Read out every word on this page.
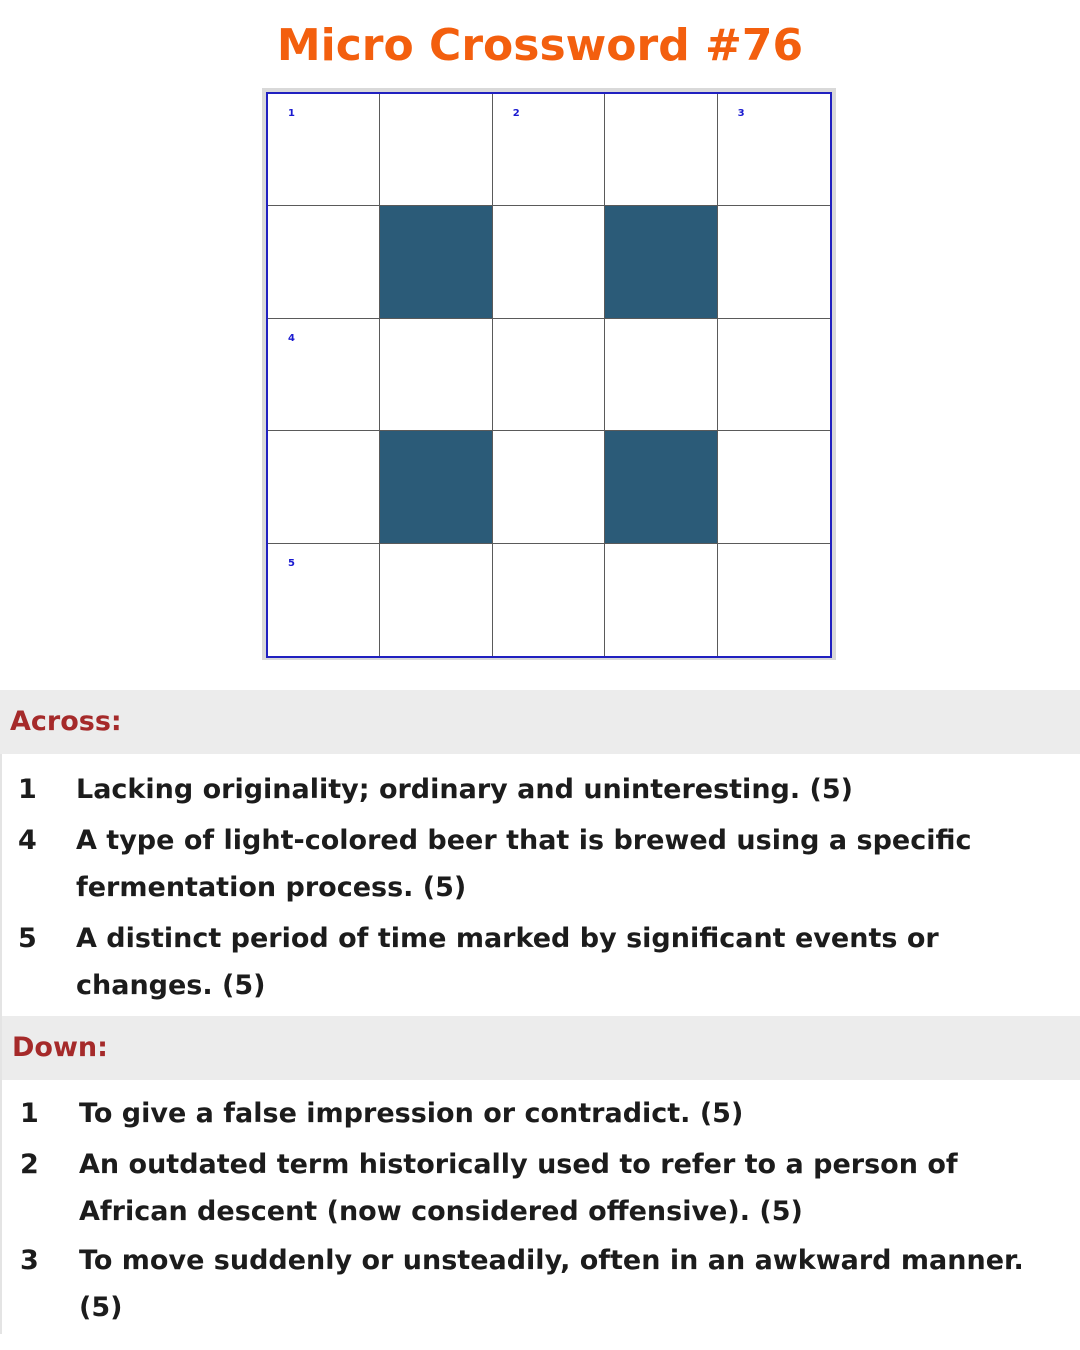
Micro Crossword #76
1	2	3
4
5
Across:
1	Lacking originality; ordinary and uninteresting. (5)
4	A type of light-colored beer that is brewed using a specific fermentation process. (5)
5	A distinct period of time marked by significant events or changes. (5)
Down:
1	To give a false impression or contradict. (5)
2	An outdated term historically used to refer to a person of African descent (now considered offensive). (5)
3	To move suddenly or unsteadily, often in an awkward manner. (5)
